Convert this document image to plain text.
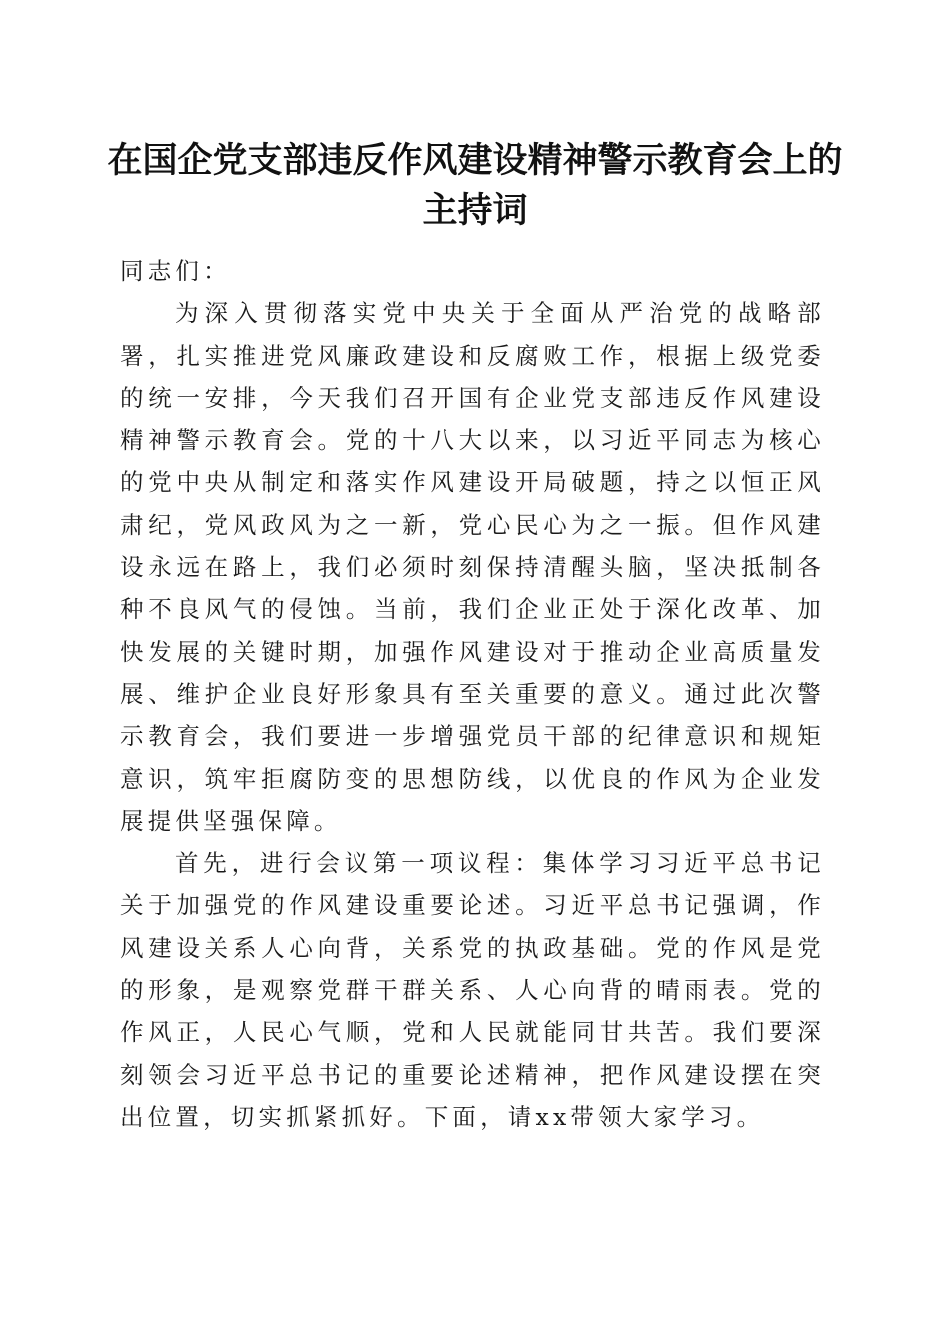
在国企党支部违反作风建设精神警示教育会上的主持词

同志们：

为深入贯彻落实党中央关于全面从严治党的战略部署，扎实推进党风廉政建设和反腐败工作，根据上级党委的统一安排，今天我们召开国有企业党支部违反作风建设精神警示教育会。党的十八大以来，以习近平同志为核心的党中央从制定和落实作风建设开局破题，持之以恒正风肃纪，党风政风为之一新，党心民心为之一振。但作风建设永远在路上，我们必须时刻保持清醒头脑，坚决抵制各种不良风气的侵蚀。当前，我们企业正处于深化改革、加快发展的关键时期，加强作风建设对于推动企业高质量发展、维护企业良好形象具有至关重要的意义。通过此次警示教育会，我们要进一步增强党员干部的纪律意识和规矩意识，筑牢拒腐防变的思想防线，以优良的作风为企业发展提供坚强保障。

首先，进行会议第一项议程：集体学习习近平总书记关于加强党的作风建设重要论述。习近平总书记强调，作风建设关系人心向背，关系党的执政基础。党的作风是党的形象，是观察党群干群关系、人心向背的晴雨表。党的作风正，人民心气顺，党和人民就能同甘共苦。我们要深刻领会习近平总书记的重要论述精神，把作风建设摆在突出位置，切实抓紧抓好。下面，请xx带领大家学习。
